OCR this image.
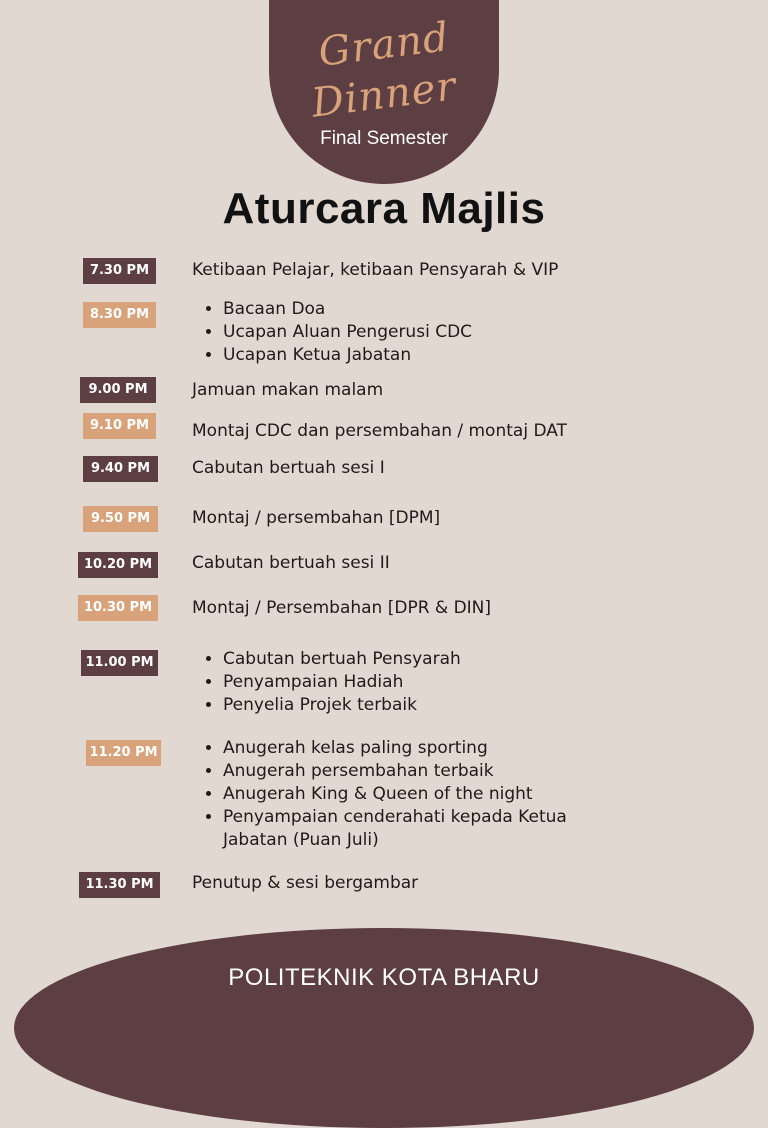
Grand
Dinner
Final Semester
Aturcara Majlis
7.30 PM	Ketibaan Pelajar, ketibaan Pensyarah & VIP
8.30 PM	• Bacaan Doa
• Ucapan Aluan Pengerusi CDC
• Ucapan Ketua Jabatan
9.00 PM	Jamuan makan malam
9.10 PM	Montaj CDC dan persembahan / montaj DAT
9.40 PM	Cabutan bertuah sesi I
9.50 PM	Montaj / persembahan [DPM]
10.20 PM	Cabutan bertuah sesi II
10.30 PM	Montaj / Persembahan [DPR & DIN]
11.00 PM	• Cabutan bertuah Pensyarah
• Penyampaian Hadiah
• Penyelia Projek terbaik
11.20 PM	• Anugerah kelas paling sporting
• Anugerah persembahan terbaik
• Anugerah King & Queen of the night
• Penyampaian cenderahati kepada Ketua Jabatan (Puan Juli)
11.30 PM	Penutup & sesi bergambar
POLITEKNIK KOTA BHARU
